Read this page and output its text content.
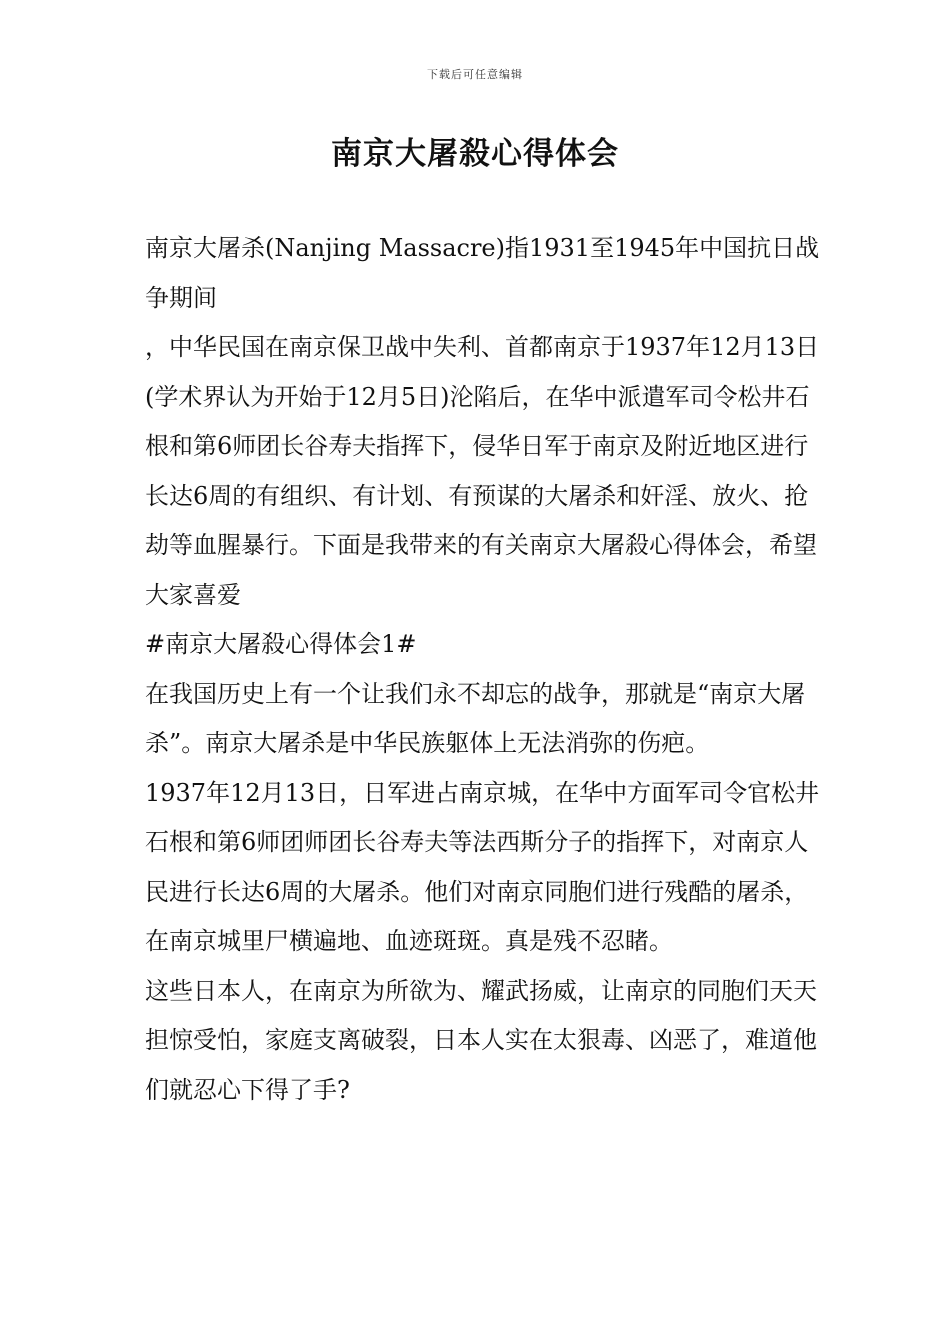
下载后可任意编辑
南京大屠殺心得体会

南京大屠杀(Nanjing Massacre)指1931至1945年中国抗日战争期间

，中华民国在南京保卫战中失利、首都南京于1937年12月13日(学术界认为开始于12月5日)沦陷后，在华中派遣军司令松井石根和第6师团长谷寿夫指挥下，侵华日军于南京及附近地区进行长达6周的有组织、有计划、有预谋的大屠杀和奸淫、放火、抢劫等血腥暴行。下面是我带来的有关南京大屠殺心得体会，希望大家喜爱

#南京大屠殺心得体会1#

在我国历史上有一个让我们永不却忘的战争，那就是“南京大屠杀”。南京大屠杀是中华民族躯体上无法消弥的伤疤。

1937年12月13日，日军进占南京城，在华中方面军司令官松井石根和第6师团师团长谷寿夫等法西斯分子的指挥下，对南京人民进行长达6周的大屠杀。他们对南京同胞们进行残酷的屠杀，在南京城里尸横遍地、血迹斑斑。真是残不忍睹。

这些日本人，在南京为所欲为、耀武扬威，让南京的同胞们天天担惊受怕，家庭支离破裂，日本人实在太狠毒、凶恶了，难道他们就忍心下得了手?
